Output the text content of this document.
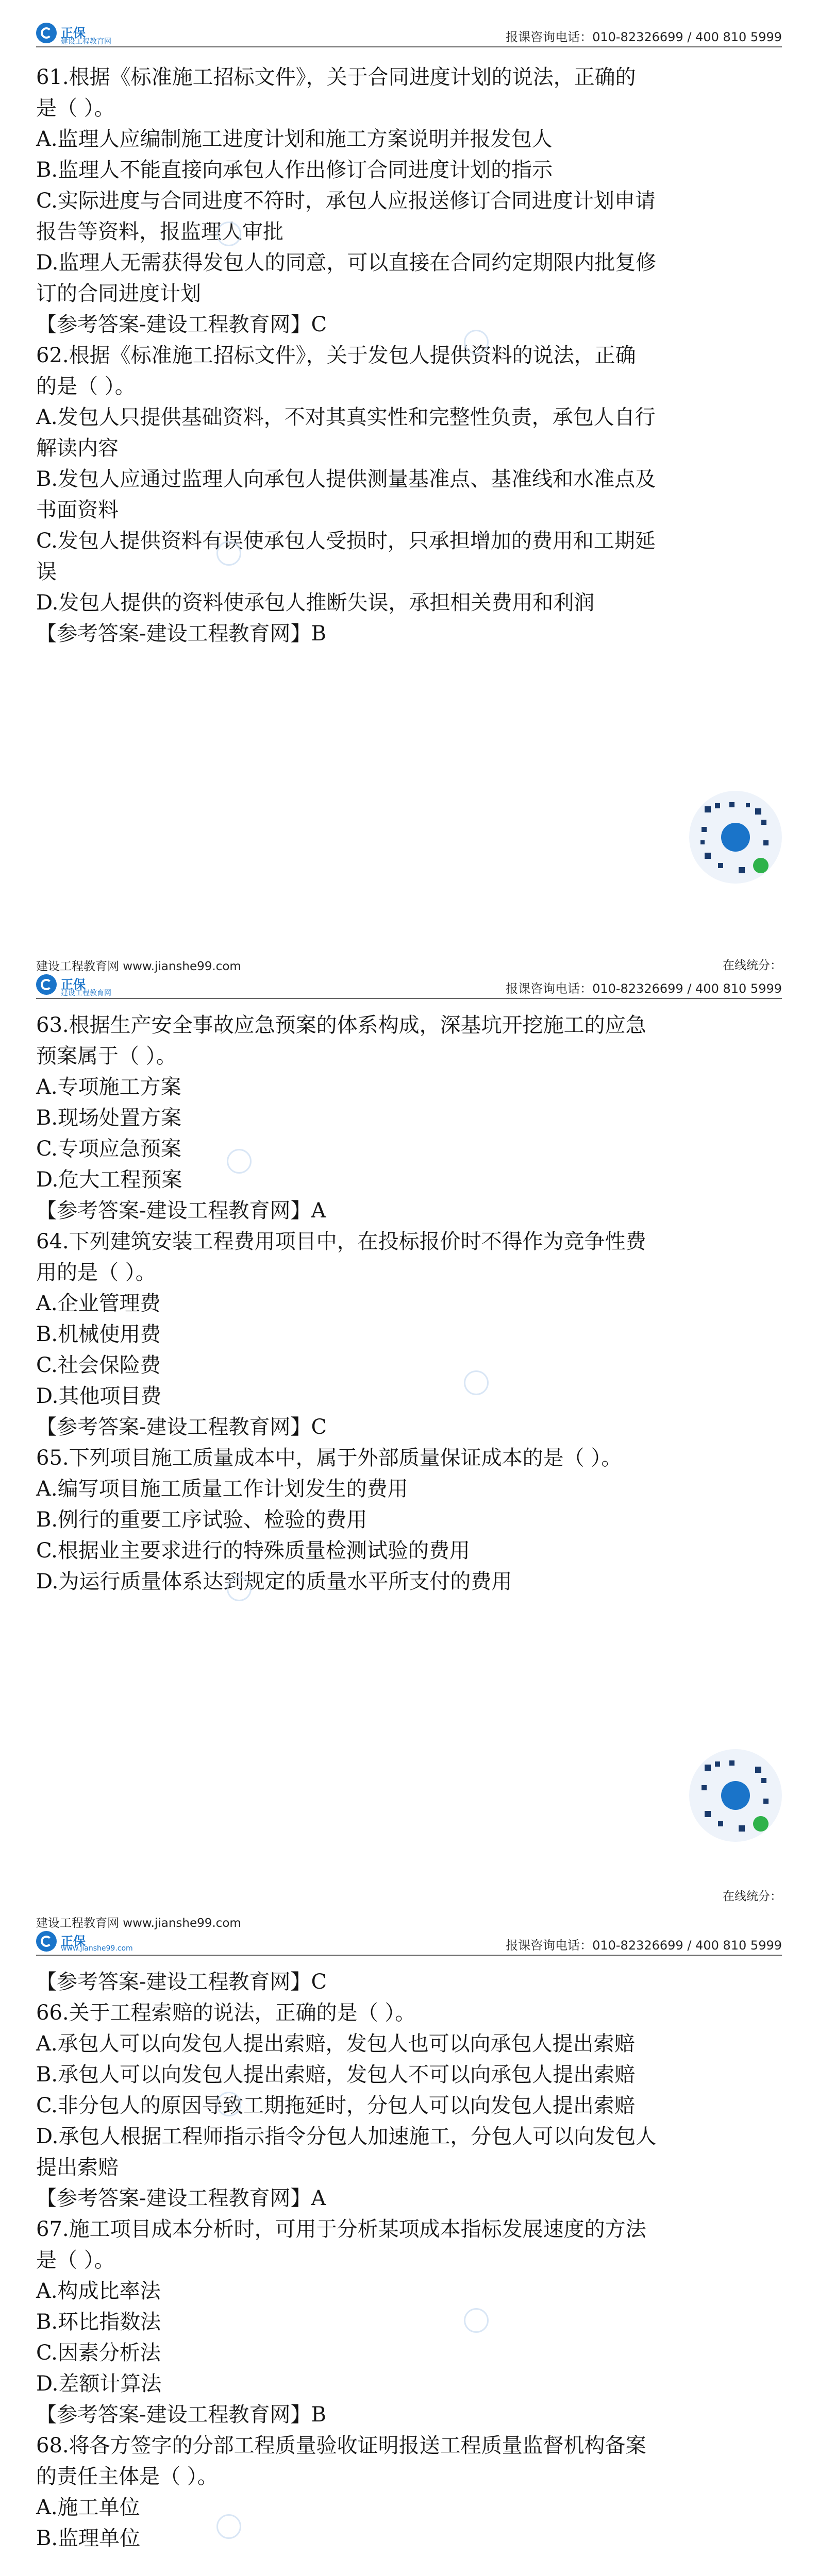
正保
建设工程教育网	报课咨询电话：010-82326699 / 400 810 5999

61.根据《标准施工招标文件》，关于合同进度计划的说法，正确的

是（ ）。

A.监理人应编制施工进度计划和施工方案说明并报发包人

B.监理人不能直接向承包人作出修订合同进度计划的指示

C.实际进度与合同进度不符时，承包人应报送修订合同进度计划申请

报告等资料，报监理人审批

D.监理人无需获得发包人的同意，可以直接在合同约定期限内批复修

订的合同进度计划

【参考答案-建设工程教育网】C

62.根据《标准施工招标文件》，关于发包人提供资料的说法，正确

的是（ ）。

A.发包人只提供基础资料，不对其真实性和完整性负责，承包人自行

解读内容

B.发包人应通过监理人向承包人提供测量基准点、基准线和水准点及

书面资料

C.发包人提供资料有误使承包人受损时，只承担增加的费用和工期延

误

D.发包人提供的资料使承包人推断失误，承担相关费用和利润

【参考答案-建设工程教育网】B

建设工程教育网 www.jianshe99.com	在线统分：
正保
建设工程教育网	报课咨询电话：010-82326699 / 400 810 5999

63.根据生产安全事故应急预案的体系构成，深基坑开挖施工的应急

预案属于（ ）。

A.专项施工方案

B.现场处置方案

C.专项应急预案

D.危大工程预案

【参考答案-建设工程教育网】A

64.下列建筑安装工程费用项目中，在投标报价时不得作为竞争性费

用的是（ ）。

A.企业管理费

B.机械使用费

C.社会保险费

D.其他项目费

【参考答案-建设工程教育网】C

65.下列项目施工质量成本中，属于外部质量保证成本的是（ ）。

A.编写项目施工质量工作计划发生的费用

B.例行的重要工序试验、检验的费用

C.根据业主要求进行的特殊质量检测试验的费用

D.为运行质量体系达到规定的质量水平所支付的费用

在线统分：
建设工程教育网 www.jianshe99.com
正保
www.jianshe99.com	报课咨询电话：010-82326699 / 400 810 5999

【参考答案-建设工程教育网】C

66.关于工程索赔的说法，正确的是（ ）。

A.承包人可以向发包人提出索赔，发包人也可以向承包人提出索赔

B.承包人可以向发包人提出索赔，发包人不可以向承包人提出索赔

C.非分包人的原因导致工期拖延时，分包人可以向发包人提出索赔

D.承包人根据工程师指示指令分包人加速施工，分包人可以向发包人

提出索赔

【参考答案-建设工程教育网】A

67.施工项目成本分析时，可用于分析某项成本指标发展速度的方法

是（ ）。

A.构成比率法

B.环比指数法

C.因素分析法

D.差额计算法

【参考答案-建设工程教育网】B

68.将各方签字的分部工程质量验收证明报送工程质量监督机构备案

的责任主体是（ ）。

A.施工单位

B.监理单位
